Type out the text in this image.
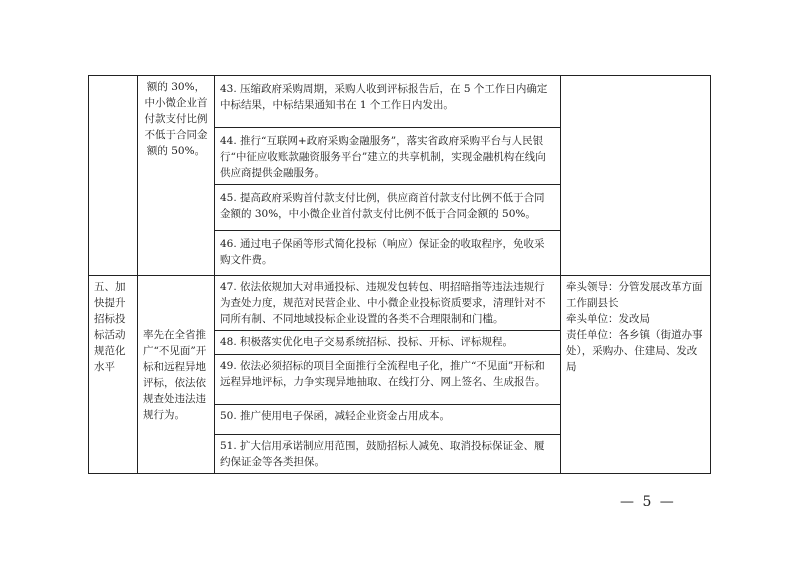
	额的 30%，中小微企业首付款支付比例不低于合同金额的 50%。	43. 压缩政府采购周期，采购人收到评标报告后，在 5 个工作日内确定中标结果，中标结果通知书在 1 个工作日内发出。	
		44. 推行“互联网+政府采购金融服务”，落实省政府采购平台与人民银行“中征应收账款融资服务平台”建立的共享机制，实现金融机构在线向供应商提供金融服务。	
		45. 提高政府采购首付款支付比例，供应商首付款支付比例不低于合同金额的 30%，中小微企业首付款支付比例不低于合同金额的 50%。	
		46. 通过电子保函等形式简化投标（响应）保证金的收取程序，免收采购文件费。	
五、加快提升招标投标活动规范化水平	率先在全省推广“不见面”开标和远程异地评标，依法依规查处违法违规行为。	47. 依法依规加大对串通投标、违规发包转包、明招暗指等违法违规行为查处力度，规范对民营企业、中小微企业投标资质要求，清理针对不同所有制、不同地域投标企业设置的各类不合理限制和门槛。	牵头领导：分管发展改革方面工作副县长
牵头单位：发改局
责任单位：各乡镇（街道办事处），采购办、住建局、发改局

		48. 积极落实优化电子交易系统招标、投标、开标、评标规程。	
		49. 依法必须招标的项目全面推行全流程电子化，推广“不见面”开标和远程异地评标，力争实现异地抽取、在线打分、网上签名、生成报告。	
		50. 推广使用电子保函，减轻企业资金占用成本。	
		51. 扩大信用承诺制应用范围，鼓励招标人减免、取消投标保证金、履约保证金等各类担保。	
— 5 —
